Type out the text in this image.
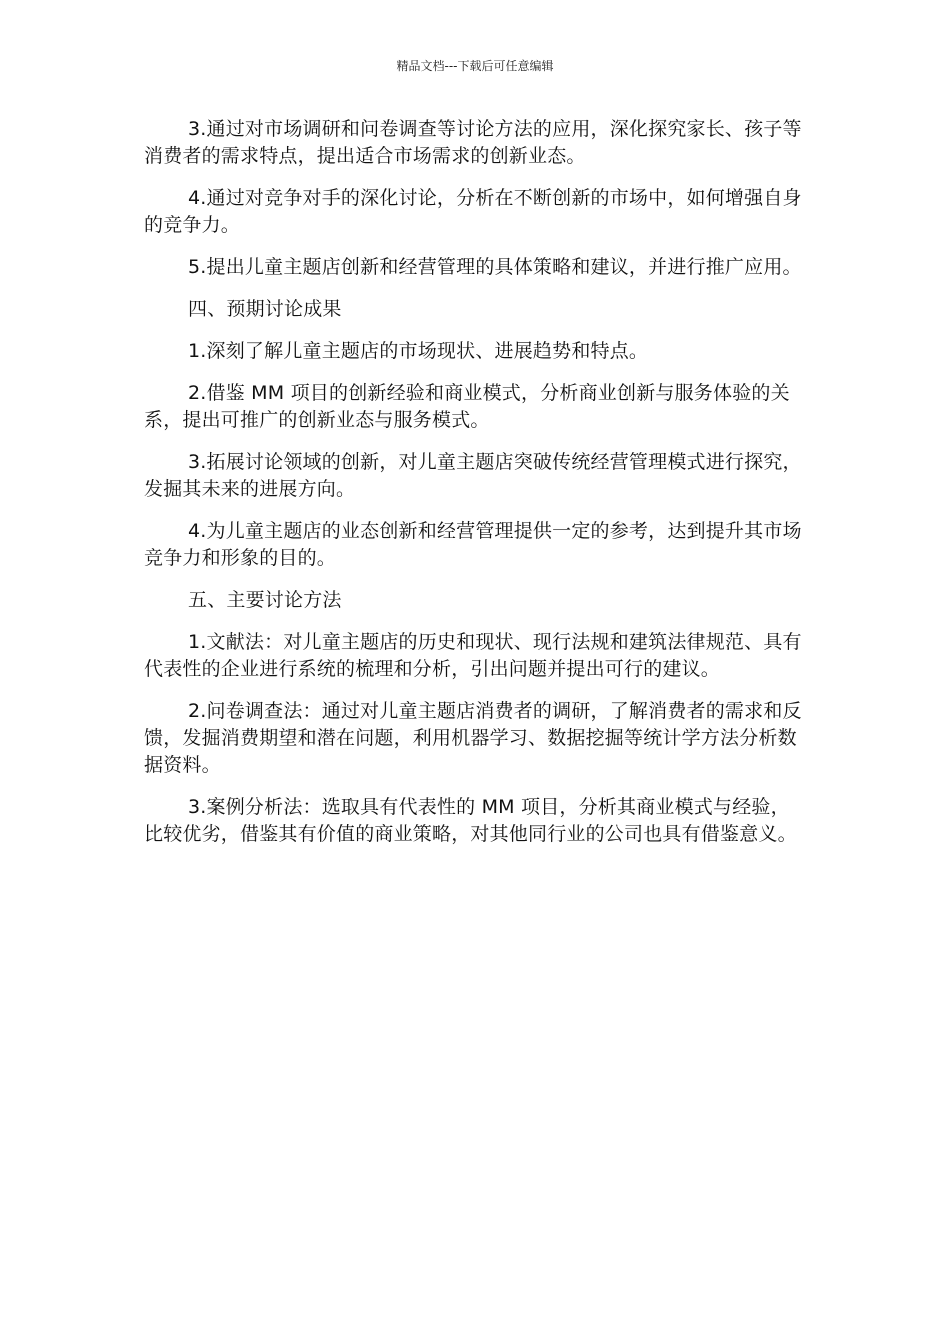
精品文档---下载后可任意编辑

3.通过对市场调研和问卷调查等讨论方法的应用，深化探究家长、孩子等消费者的需求特点，提出适合市场需求的创新业态。

4.通过对竞争对手的深化讨论，分析在不断创新的市场中，如何增强自身的竞争力。

5.提出儿童主题店创新和经营管理的具体策略和建议，并进行推广应用。

四、预期讨论成果

1.深刻了解儿童主题店的市场现状、进展趋势和特点。

2.借鉴 MM 项目的创新经验和商业模式，分析商业创新与服务体验的关系，提出可推广的创新业态与服务模式。

3.拓展讨论领域的创新，对儿童主题店突破传统经营管理模式进行探究，发掘其未来的进展方向。

4.为儿童主题店的业态创新和经营管理提供一定的参考，达到提升其市场竞争力和形象的目的。

五、主要讨论方法

1.文献法：对儿童主题店的历史和现状、现行法规和建筑法律规范、具有代表性的企业进行系统的梳理和分析，引出问题并提出可行的建议。

2.问卷调查法：通过对儿童主题店消费者的调研，了解消费者的需求和反馈，发掘消费期望和潜在问题，利用机器学习、数据挖掘等统计学方法分析数据资料。

3.案例分析法：选取具有代表性的 MM 项目，分析其商业模式与经验，比较优劣，借鉴其有价值的商业策略，对其他同行业的公司也具有借鉴意义。
